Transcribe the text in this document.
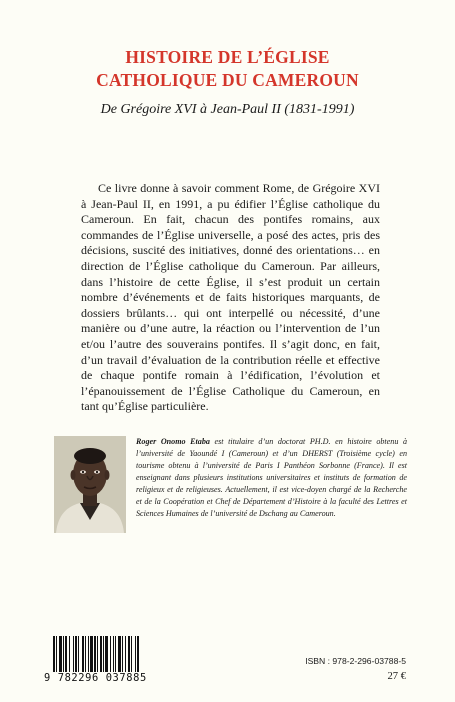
HISTOIRE DE L’ÉGLISE
CATHOLIQUE DU CAMEROUN
De Grégoire XVI à Jean-Paul II (1831-1991)

Ce livre donne à savoir comment Rome, de Grégoire XVI à Jean-Paul II, en 1991, a pu édifier l’Église catholique du Cameroun. En fait, chacun des pontifes romains, aux commandes de l’Église universelle, a posé des actes, pris des décisions, suscité des initiatives, donné des orientations… en direction de l’Église catholique du Cameroun. Par ailleurs, dans l’histoire de cette Église, il s’est produit un certain nombre d’événements et de faits historiques marquants, de dossiers brûlants… qui ont interpellé ou nécessité, d’une manière ou d’une autre, la réaction ou l’intervention de l’un et/ou l’autre des souverains pontifes. Il s’agit donc, en fait, d’un travail d’évaluation de la contribution réelle et effective de chaque pontife romain à l’édification, l’évolution et l’épanouissement de l’Église Catholique du Cameroun, en tant qu’Église particulière.

Roger Onomo Etaba est titulaire d’un doctorat PH.D. en histoire obtenu à l’université de Yaoundé I (Cameroun) et d’un DHERST (Troisième cycle) en tourisme obtenu à l’université de Paris I Panthéon Sorbonne (France). Il est enseignant dans plusieurs institutions universitaires et instituts de formation de religieux et de religieuses. Actuellement, il est vice-doyen chargé de la Recherche et de la Coopération et Chef de Département d’Histoire à la faculté des Lettres et Sciences Humaines de l’université de Dschang au Cameroun.
9 782296 037885
ISBN : 978-2-296-03788-5
27 €
